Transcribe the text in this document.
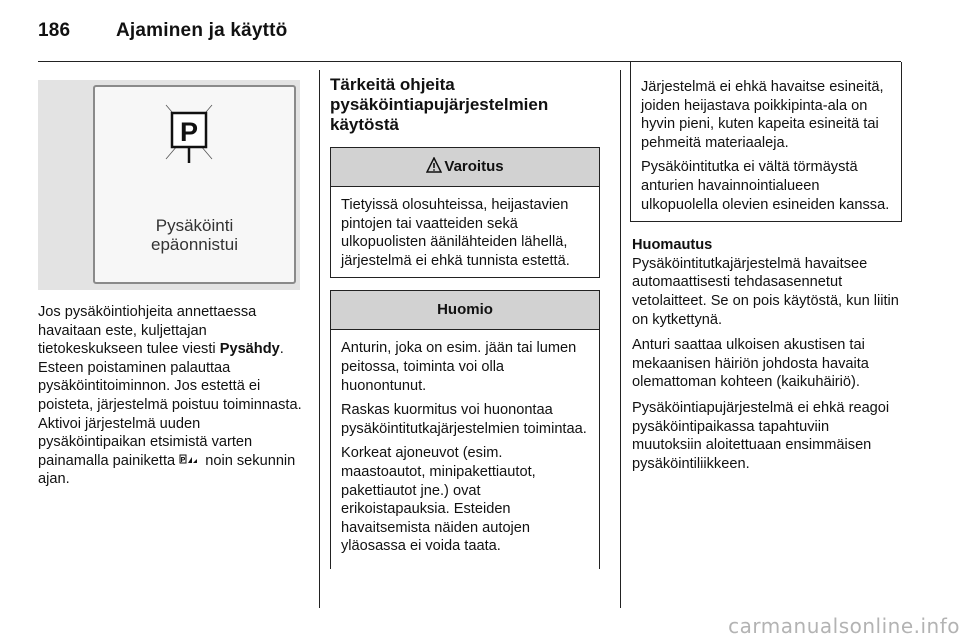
186 Ajaminen ja käyttö
P
Pysäköinti
epäonnistui

Jos pysäköintiohjeita annettaessa havaitaan este, kuljettajan tietokeskukseen tulee viesti Pysähdy. Esteen poistaminen palauttaa pysäköintitoiminnon. Jos estettä ei poisteta, järjestelmä poistuu toiminnasta. Aktivoi järjestelmä uuden pysäköintipaikan etsimistä varten painamalla painiketta P noin sekunnin ajan.

Tärkeitä ohjeita pysäköintiapujärjestelmien käytöstä

Varoitus

Tietyissä olosuhteissa, heijastavien pintojen tai vaatteiden sekä ulkopuolisten äänilähteiden lähellä, järjestelmä ei ehkä tunnista estettä.

Huomio

Anturin, joka on esim. jään tai lumen peitossa, toiminta voi olla huonontunut.

Raskas kuormitus voi huonontaa pysäköintitutkajärjestelmien toimintaa.

Korkeat ajoneuvot (esim. maastoautot, minipakettiautot, pakettiautot jne.) ovat erikoistapauksia. Esteiden havaitsemista näiden autojen yläosassa ei voida taata.

Järjestelmä ei ehkä havaitse esineitä, joiden heijastava poikkipinta-ala on hyvin pieni, kuten kapeita esineitä tai pehmeitä materiaaleja.

Pysäköintitutka ei vältä törmäystä anturien havainnointialueen ulkopuolella olevien esineiden kanssa.

Huomautus

Pysäköintitutkajärjestelmä havaitsee automaattisesti tehdasasennetut vetolaitteet. Se on pois käytöstä, kun liitin on kytkettynä.

Anturi saattaa ulkoisen akustisen tai mekaanisen häiriön johdosta havaita olemattoman kohteen (kaikuhäiriö).

Pysäköintiapujärjestelmä ei ehkä reagoi pysäköintipaikassa tapahtuviin muutoksiin aloitettuaan ensimmäisen pysäköintiliikkeen.

carmanualsonline.info
